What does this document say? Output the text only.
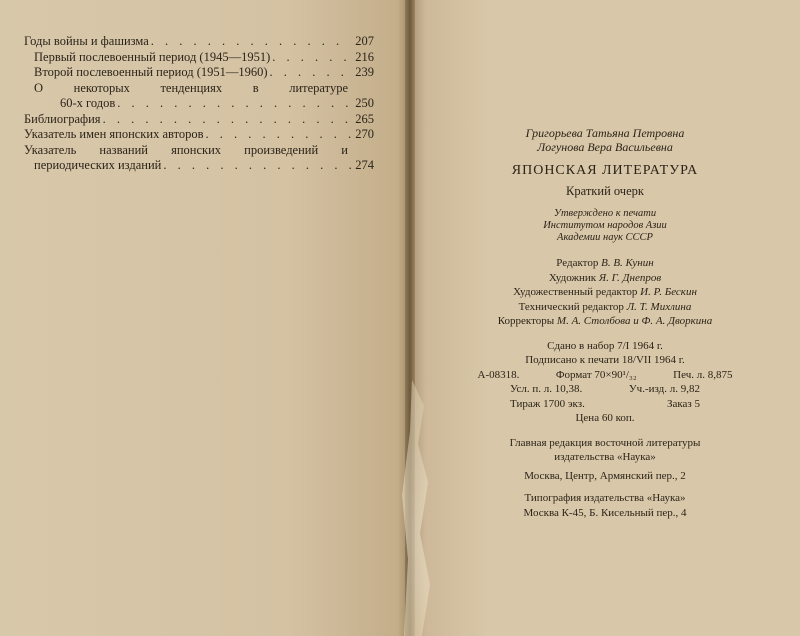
Годы войны и фашизма . . .	207
Первый послевоенный период (1945—1951) . . .	216
Второй послевоенный период (1951—1960) . . .	239
О некоторых тенденциях в литературе
60-х годов . . .	250
Библиография . . .	265
Указатель имен японских авторов . . .	270
Указатель названий японских произведений и
периодических изданий . . .	274
Григорьева Татьяна Петровна
Логунова Вера Васильевна
ЯПОНСКАЯ ЛИТЕРАТУРА
Краткий очерк
Утверждено к печати
Институтом народов Азии
Академии наук СССР
Редактор В. В. Кунин
Художник Я. Г. Днепров
Художественный редактор И. Р. Бескин
Технический редактор Л. Т. Михлина
Корректоры М. А. Столбова и Ф. А. Дворкина
Сдано в набор 7/I 1964 г.
Подписано к печати 18/VII 1964 г.
А-08318.	Формат 70×90¹/₃₂	Печ. л. 8,875
Усл. п. л. 10,38.	Уч.-изд. л. 9,82
Тираж 1700 экз.	Заказ 5
Цена 60 коп.
Главная редакция восточной литературы
издательства «Наука»
Москва, Центр, Армянский пер., 2
Типография издательства «Наука»
Москва К-45, Б. Кисельный пер., 4
